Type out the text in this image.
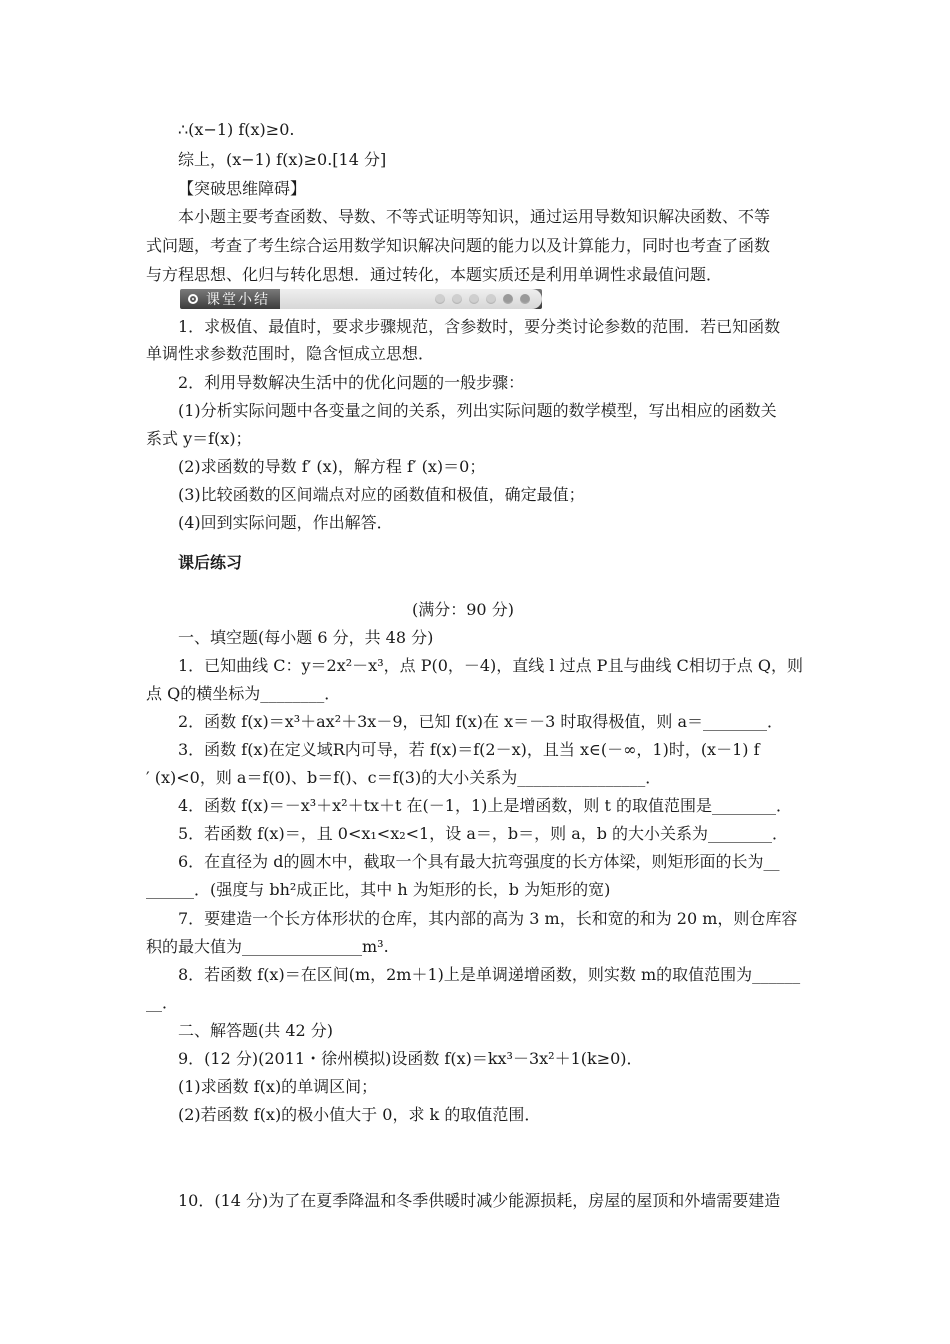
∴(x−1) f(x)≥0.
综上，(x−1) f(x)≥0.[14 分]
【突破思维障碍】
本小题主要考查函数、导数、不等式证明等知识，通过运用导数知识解决函数、不等
式问题，考查了考生综合运用数学知识解决问题的能力以及计算能力，同时也考查了函数
与方程思想、化归与转化思想．通过转化，本题实质还是利用单调性求最值问题．
课堂小结
1．求极值、最值时，要求步骤规范，含参数时，要分类讨论参数的范围．若已知函数
单调性求参数范围时，隐含恒成立思想．
2．利用导数解决生活中的优化问题的一般步骤：
(1)分析实际问题中各变量之间的关系，列出实际问题的数学模型，写出相应的函数关
系式 y＝f(x)；
(2)求函数的导数 f′ (x)，解方程 f′ (x)＝0；
(3)比较函数的区间端点对应的函数值和极值，确定最值；
(4)回到实际问题，作出解答．
课后练习
(满分：90 分)
一、填空题(每小题 6 分，共 48 分)
1．已知曲线 C：y＝2x²－x³，点 P(0，－4)，直线 l 过点 P且与曲线 C相切于点 Q，则
点 Q的横坐标为________．
2．函数 f(x)＝x³＋ax²＋3x－9，已知 f(x)在 x＝－3 时取得极值，则 a＝________．
3．函数 f(x)在定义域R内可导，若 f(x)＝f(2－x)，且当 x∈(－∞，1)时，(x－1) f
′ (x)<0，则 a＝f(0)、b＝f()、c＝f(3)的大小关系为________________．
4．函数 f(x)＝－x³＋x²＋tx＋t 在(－1，1)上是增函数，则 t 的取值范围是________．
5．若函数 f(x)＝，且 0<x₁<x₂<1，设 a＝，b＝，则 a，b 的大小关系为________．
6．在直径为 d的圆木中，截取一个具有最大抗弯强度的长方体梁，则矩形面的长为__
______．(强度与 bh²成正比，其中 h 为矩形的长，b 为矩形的宽)
7．要建造一个长方体形状的仓库，其内部的高为 3 m，长和宽的和为 20 m，则仓库容
积的最大值为_______________m³.
8．若函数 f(x)＝在区间(m，2m＋1)上是单调递增函数，则实数 m的取值范围为______
__．
二、解答题(共 42 分)
9．(12 分)(2011・徐州模拟)设函数 f(x)＝kx³－3x²＋1(k≥0)．
(1)求函数 f(x)的单调区间；
(2)若函数 f(x)的极小值大于 0，求 k 的取值范围．
10．(14 分)为了在夏季降温和冬季供暖时减少能源损耗，房屋的屋顶和外墙需要建造
